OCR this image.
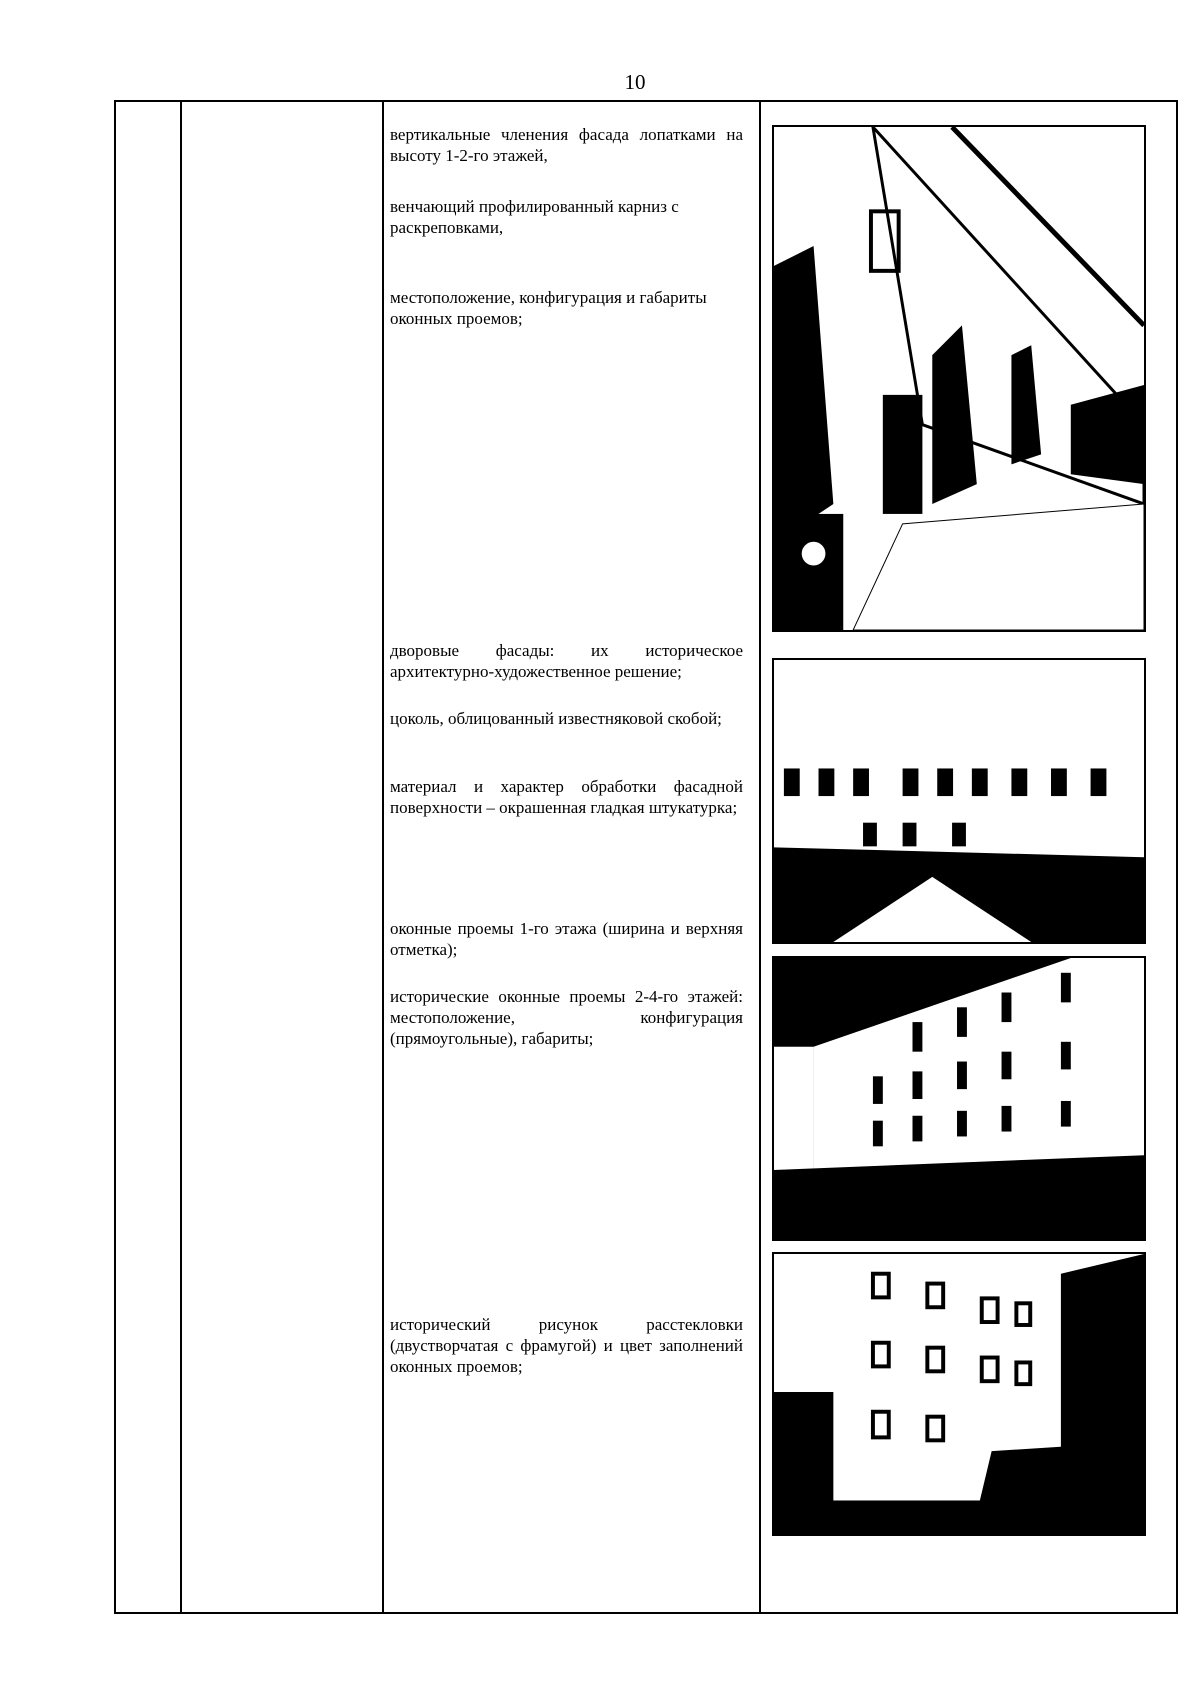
10
вертикальные членения фасада лопатками на высоту 1-2-го этажей,
венчающий профилированный карниз с раскреповками,
местоположение, конфигурация и габариты оконных проемов;
дворовые фасады: их историческое архитектурно-художественное решение;
цоколь, облицованный известняковой скобой;
материал и характер обработки фасадной поверхности – окрашенная гладкая штукатурка;
оконные проемы 1-го этажа (ширина и верхняя отметка);
исторические оконные проемы 2-4-го этажей: местоположение, конфигурация (прямоугольные), габариты;
исторический рисунок расстекловки (двустворчатая с фрамугой) и цвет заполнений оконных проемов;
